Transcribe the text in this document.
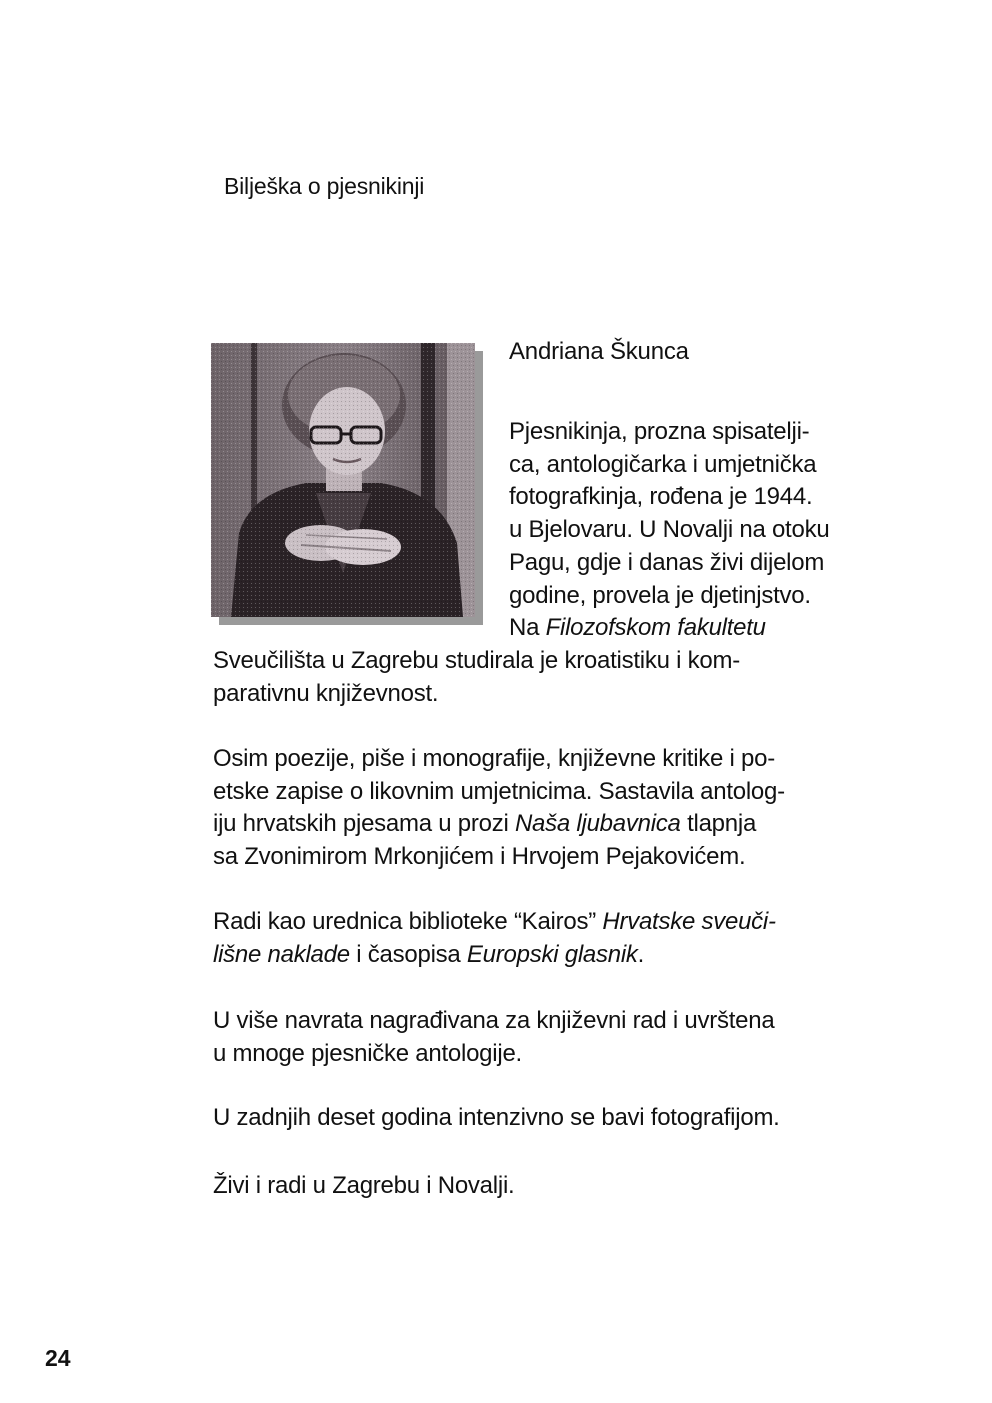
Bilješka o pjesnikinji
Andriana Škunca
Pjesnikinja, prozna spisatelji-
ca, antologičarka i umjetnička
fotografkinja, rođena je 1944.
u Bjelovaru. U Novalji na otoku
Pagu, gdje i danas živi dijelom
godine, provela je djetinjstvo.
Na Filozofskom fakultetu
Sveučilišta u Zagrebu studirala je kroatistiku i kom-
parativnu književnost.
Osim poezije, piše i monografije, književne kritike i po-
etske zapise o likovnim umjetnicima. Sastavila antolog-
iju hrvatskih pjesama u prozi Naša ljubavnica tlapnja
sa Zvonimirom Mrkonjićem i Hrvojem Pejakovićem.
Radi kao urednica biblioteke “Kairos” Hrvatske sveuči-
lišne naklade i časopisa Europski glasnik.
U više navrata nagrađivana za književni rad i uvrštena
u mnoge pjesničke antologije.
U zadnjih deset godina intenzivno se bavi fotografijom.
Živi i radi u Zagrebu i Novalji.
24
